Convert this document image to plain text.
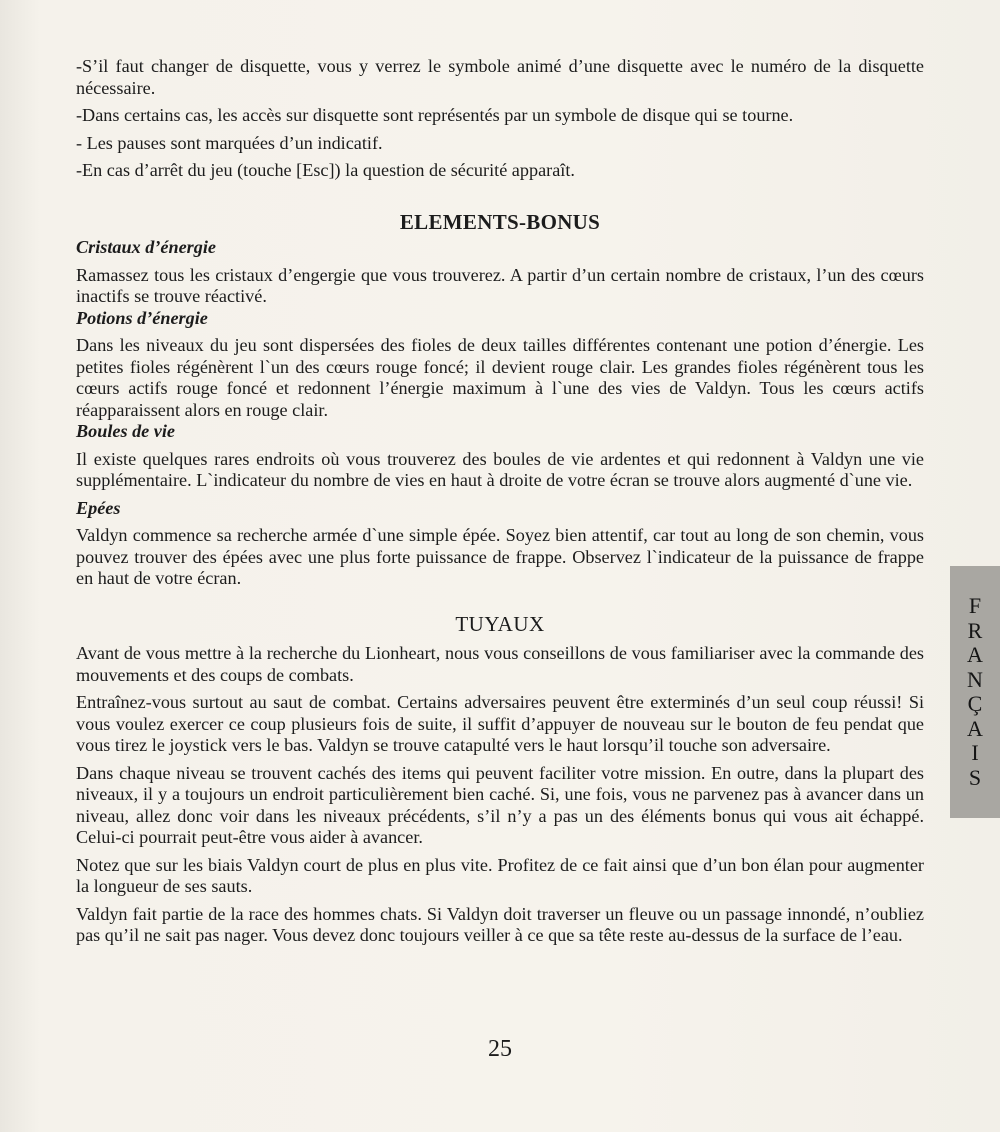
-S’il faut changer de disquette, vous y verrez le symbole animé d’une disquette avec le numéro de la disquette nécessaire.

-Dans certains cas, les accès sur disquette sont représentés par un symbole de disque qui se tourne.

- Les pauses sont marquées d’un indicatif.

-En cas d’arrêt du jeu (touche [Esc]) la question de sécurité apparaît.

ELEMENTS-BONUS

Cristaux d’énergie

Ramassez tous les cristaux d’engergie que vous trouverez. A partir d’un certain nombre de cristaux, l’un des cœurs inactifs se trouve réactivé.

Potions d’énergie

Dans les niveaux du jeu sont dispersées des fioles de deux tailles différentes contenant une potion d’énergie. Les petites fioles régénèrent l`un des cœurs rouge foncé; il devient rouge clair. Les grandes fioles régénèrent tous les cœurs actifs rouge foncé et redonnent l’énergie maximum à l`une des vies de Valdyn. Tous les cœurs actifs réapparaissent alors en rouge clair.

Boules de vie

Il existe quelques rares endroits où vous trouverez des boules de vie ardentes et qui redonnent à Valdyn une vie supplémentaire. L`indicateur du nombre de vies en haut à droite de votre écran se trouve alors augmenté d`une vie.

Epées

Valdyn commence sa recherche armée d`une simple épée. Soyez bien attentif, car tout au long de son chemin, vous pouvez trouver des épées avec une plus forte puissance de frappe. Observez l`indicateur de la puissance de frappe en haut de votre écran.

TUYAUX

Avant de vous mettre à la recherche du Lionheart, nous vous conseillons de vous familiariser avec la commande des mouvements et des coups de combats.

Entraînez-vous surtout au saut de combat. Certains adversaires peuvent être exterminés d’un seul coup réussi! Si vous voulez exercer ce coup plusieurs fois de suite, il suffit d’appuyer de nouveau sur le bouton de feu pendat que vous tirez le joystick vers le bas. Valdyn se trouve catapulté vers le haut lorsqu’il touche son adversaire.

Dans chaque niveau se trouvent cachés des items qui peuvent faciliter votre mission. En outre, dans la plupart des niveaux, il y a toujours un endroit particulièrement bien caché. Si, une fois, vous ne parvenez pas à avancer dans un niveau, allez donc voir dans les niveaux précédents, s’il n’y a pas un des éléments bonus qui vous ait échappé. Celui-ci pourrait peut-être vous aider à avancer.

Notez que sur les biais Valdyn court de plus en plus vite. Profitez de ce fait ainsi que d’un bon élan pour augmenter la longueur de ses sauts.

Valdyn fait partie de la race des hommes chats. Si Valdyn doit traverser un fleuve ou un passage innondé, n’oubliez pas qu’il ne sait pas nager. Vous devez donc toujours veiller à ce que sa tête reste au-dessus de la surface de l’eau.

25
F
R
A
N
Ç
A
I
S
